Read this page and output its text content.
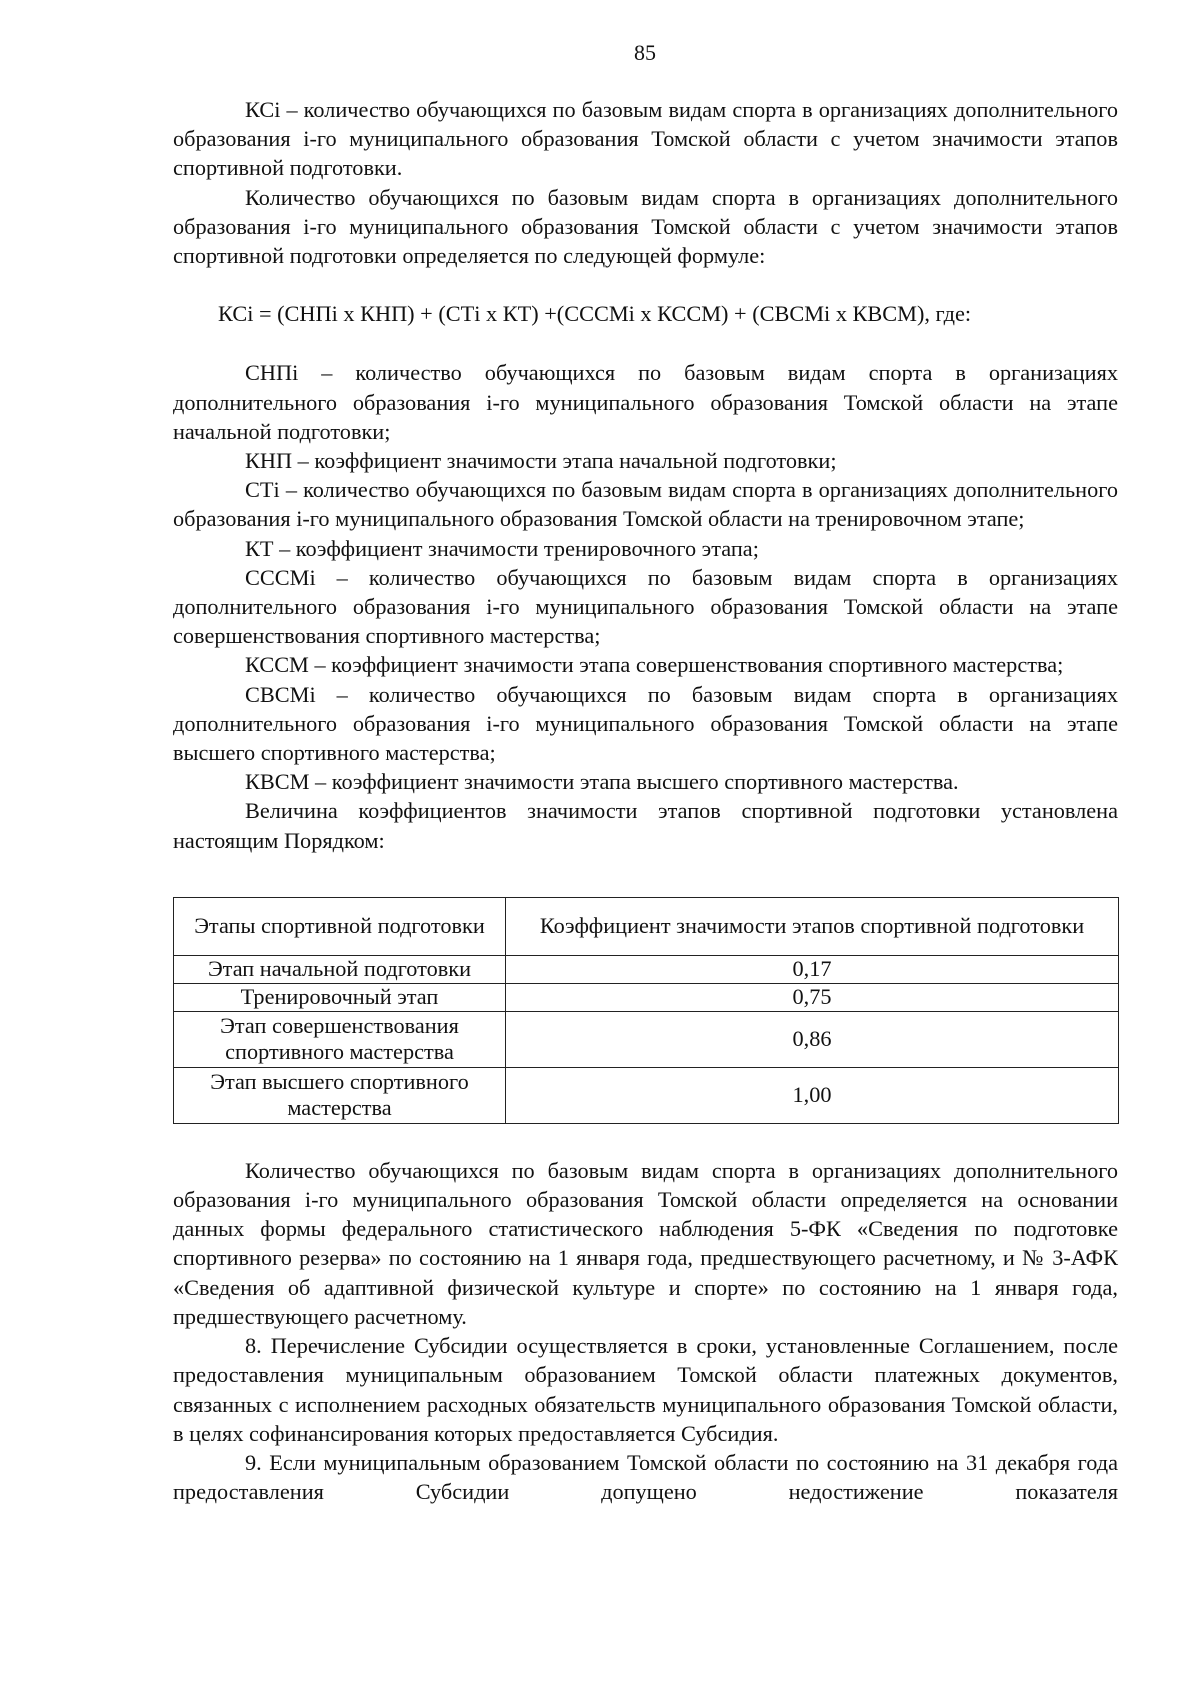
85

КСi – количество обучающихся по базовым видам спорта в организациях дополнительного образования i-го муниципального образования Томской области с учетом значимости этапов спортивной подготовки.

Количество обучающихся по базовым видам спорта в организациях дополнительного образования i-го муниципального образования Томской области с учетом значимости этапов спортивной подготовки определяется по следующей формуле:

КСi = (СНПi х КНП) + (СТi х КТ) +(СССМi х КССМ) + (СВСМi х КВСМ), где:

СНПi – количество обучающихся по базовым видам спорта в организациях дополнительного образования i-го муниципального образования Томской области на этапе начальной подготовки;

КНП – коэффициент значимости этапа начальной подготовки;

СТi – количество обучающихся по базовым видам спорта в организациях дополнительного образования i-го муниципального образования Томской области на тренировочном этапе;

КТ – коэффициент значимости тренировочного этапа;

СССМi – количество обучающихся по базовым видам спорта в организациях дополнительного образования i-го муниципального образования Томской области на этапе совершенствования спортивного мастерства;

КССМ – коэффициент значимости этапа совершенствования спортивного мастерства;

СВСМi – количество обучающихся по базовым видам спорта в организациях дополнительного образования i-го муниципального образования Томской области на этапе высшего спортивного мастерства;

КВСМ – коэффициент значимости этапа высшего спортивного мастерства.

Величина коэффициентов значимости этапов спортивной подготовки установлена настоящим Порядком:

Этапы спортивной подготовки	Коэффициент значимости этапов спортивной подготовки
Этап начальной подготовки	0,17
Тренировочный этап	0,75
Этап совершенствования спортивного мастерства	0,86
Этап высшего спортивного мастерства	1,00

Количество обучающихся по базовым видам спорта в организациях дополнительного образования i-го муниципального образования Томской области определяется на основании данных формы федерального статистического наблюдения 5-ФК «Сведения по подготовке спортивного резерва» по состоянию на 1 января года, предшествующего расчетному, и № 3-АФК «Сведения об адаптивной физической культуре и спорте» по состоянию на 1 января года, предшествующего расчетному.

8. Перечисление Субсидии осуществляется в сроки, установленные Соглашением, после предоставления муниципальным образованием Томской области платежных документов, связанных с исполнением расходных обязательств муниципального образования Томской области, в целях софинансирования которых предоставляется Субсидия.

9. Если муниципальным образованием Томской области по состоянию на 31 декабря года предоставления Субсидии допущено недостижение показателя
